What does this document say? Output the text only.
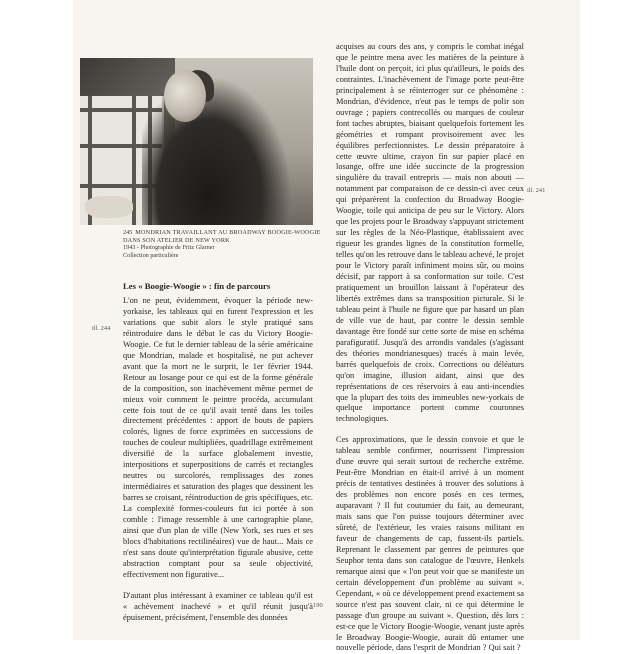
245 MONDRIAN TRAVAILLANT AU BROADWAY BOOGIE-WOOGIE DANS SON ATELIER DE NEW YORK
1943 - Photographie de Fritz Glarner
Collection particulière
Les « Boogie-Woogie » : fin de parcours
ill. 244

L'on ne peut, évidemment, évoquer la période new-yorkaise, les tableaux qui en furent l'expression et les variations que subit alors le style pratiqué sans réintroduire dans le débat le cas du Victory Boogie-Woogie. Ce fut le dernier tableau de la série américaine que Mondrian, malade et hospitalisé, ne put achever avant que la mort ne le surprit, le 1er février 1944. Retour au losange pour ce qui est de la forme générale de la composition, son inachèvement même permet de mieux voir comment le peintre procéda, accumulant cette fois tout de ce qu'il avait tenté dans les toiles directement précédentes : apport de bouts de papiers colorés, lignes de force exprimées en successions de touches de couleur multipliées, quadrillage extrêmement diversifié de la surface globalement investie, interpositions et superpositions de carrés et rectangles neutres ou surcolorés, remplissages des zones intermédiaires et saturation des plages que dessinent les barres se croisant, réintroduction de gris spécifiques, etc. La complexité formes-couleurs fut ici portée à son comble : l'image ressemble à une cartographie plane, ainsi que d'un plan de ville (New York, ses rues et ses blocs d'habitations rectilinéaires) vue de haut... Mais ce n'est sans doute qu'interprétation figurale abusive, cette abstraction comptant pour sa seule objectivité, effectivement non figurative...

D'autant plus intéressant à examiner ce tableau qu'il est « achèvement inachevé » et qu'il réunit jusqu'à épuisement, précisément, l'ensemble des données

acquises au cours des ans, y compris le combat inégal que le peintre mena avec les matières de la peinture à l'huile dont on perçoit, ici plus qu'ailleurs, le poids des contraintes. L'inachèvement de l'image porte peut-être principalement à se réinterroger sur ce phénomène : Mondrian, d'évidence, n'eut pas le temps de polir son ouvrage ; papiers contrecollés ou marques de couleur font taches abruptes, biaisant quelquefois fortement les géométries et rompant provisoirement avec les équilibres perfectionnistes. Le dessin préparatoire à cette œuvre ultime, crayon fin sur papier placé en losange, offre une idée succincte de la progression singulière du travail entrepris — mais non abouti — notamment par comparaison de ce dessin-ci avec ceux qui préparèrent la confection du Broadway Boogie-Woogie, toile qui anticipa de peu sur le Victory. Alors que les projets pour le Broadway s'appuyant strictement sur les règles de la Néo-Plastique, établissaient avec rigueur les grandes lignes de la constitution formelle, telles qu'on les retrouve dans le tableau achevé, le projet pour le Victory paraît infiniment moins sûr, ou moins décisif, par rapport à sa conformation sur toile. C'est pratiquement un brouillon laissant à l'opérateur des libertés extrêmes dans sa transposition picturale. Si le tableau peint à l'huile ne figure que par hasard un plan de ville vue de haut, par contre le dessin semble davantage être fondé sur cette sorte de mise en schéma parafiguratif. Jusqu'à des arrondis vandales (s'agissant des théories mondrianesques) tracés à main levée, barrés quelquefois de croix. Corrections ou déléaturs qu'on imagine, illusion aidant, ainsi que des représentations de ces réservoirs à eau anti-incendies que la plupart des toits des immeubles new-yorkais de quelque importance portent comme couronnes technologiques.

Ces approximations, que le dessin convoie et que le tableau semble confirmer, nourrissent l'impression d'une œuvre qui serait surtout de recherche extrême. Peut-être Mondrian en était-il arrivé à un moment précis de tentatives destinées à trouver des solutions à des problèmes non encore posés en ces termes, auparavant ? Il fut coutumier du fait, au demeurant, mais sans que l'on puisse toujours déterminer avec sûreté, de l'extérieur, les vraies raisons militant en faveur de changements de cap, fussent-ils partiels. Reprenant le classement par genres de peintures que Seuphor tenta dans son catalogue de l'œuvre, Henkels remarque ainsi que « l'on peut voir que se manifeste un certain développement d'un problème au suivant ». Cependant, « où ce développement prend exactement sa source n'est pas souvent clair, ni ce qui détermine le passage d'un groupe au suivant ». Question, dès lors : est-ce que le Victory Boogie-Woogie, venant juste après le Broadway Boogie-Woogie, aurait dû entamer une nouvelle période, dans l'esprit de Mondrian ? Qui sait ?

ill. 241
190
